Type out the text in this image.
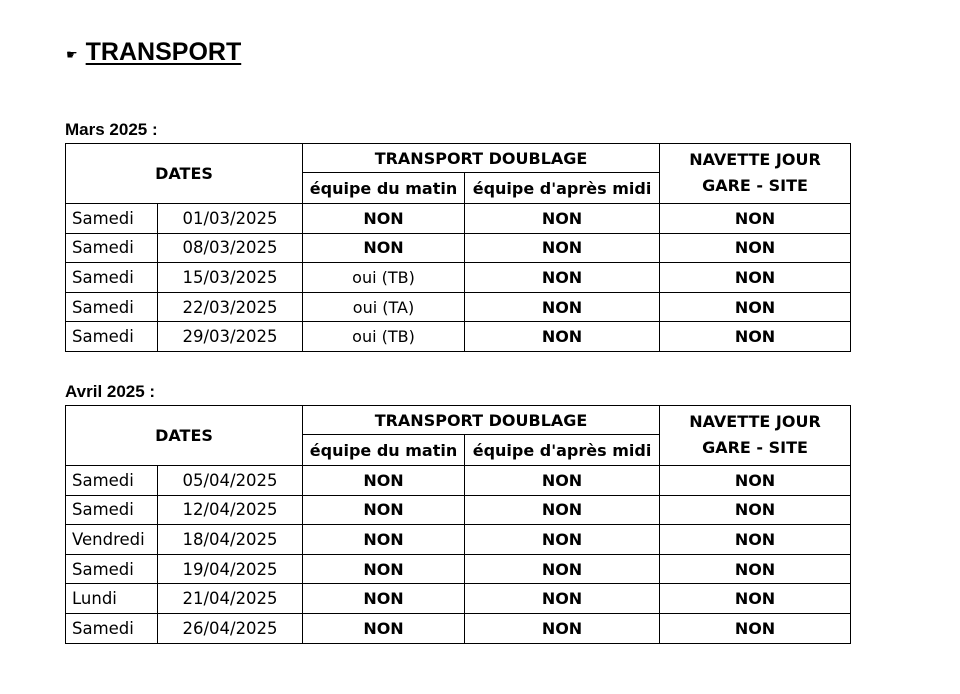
☛ TRANSPORT
Mars 2025 :
DATES		TRANSPORT DOUBLAGE		NAVETTE JOUR
GARE - SITE

		équipe du matin	équipe d'après midi	
Samedi	01/03/2025	NON	NON	NON
Samedi	08/03/2025	NON	NON	NON
Samedi	15/03/2025	oui (TB)	NON	NON
Samedi	22/03/2025	oui (TA)	NON	NON
Samedi	29/03/2025	oui (TB)	NON	NON
Avril 2025 :
DATES		TRANSPORT DOUBLAGE		NAVETTE JOUR
GARE - SITE

		équipe du matin	équipe d'après midi	
Samedi	05/04/2025	NON	NON	NON
Samedi	12/04/2025	NON	NON	NON
Vendredi	18/04/2025	NON	NON	NON
Samedi	19/04/2025	NON	NON	NON
Lundi	21/04/2025	NON	NON	NON
Samedi	26/04/2025	NON	NON	NON
